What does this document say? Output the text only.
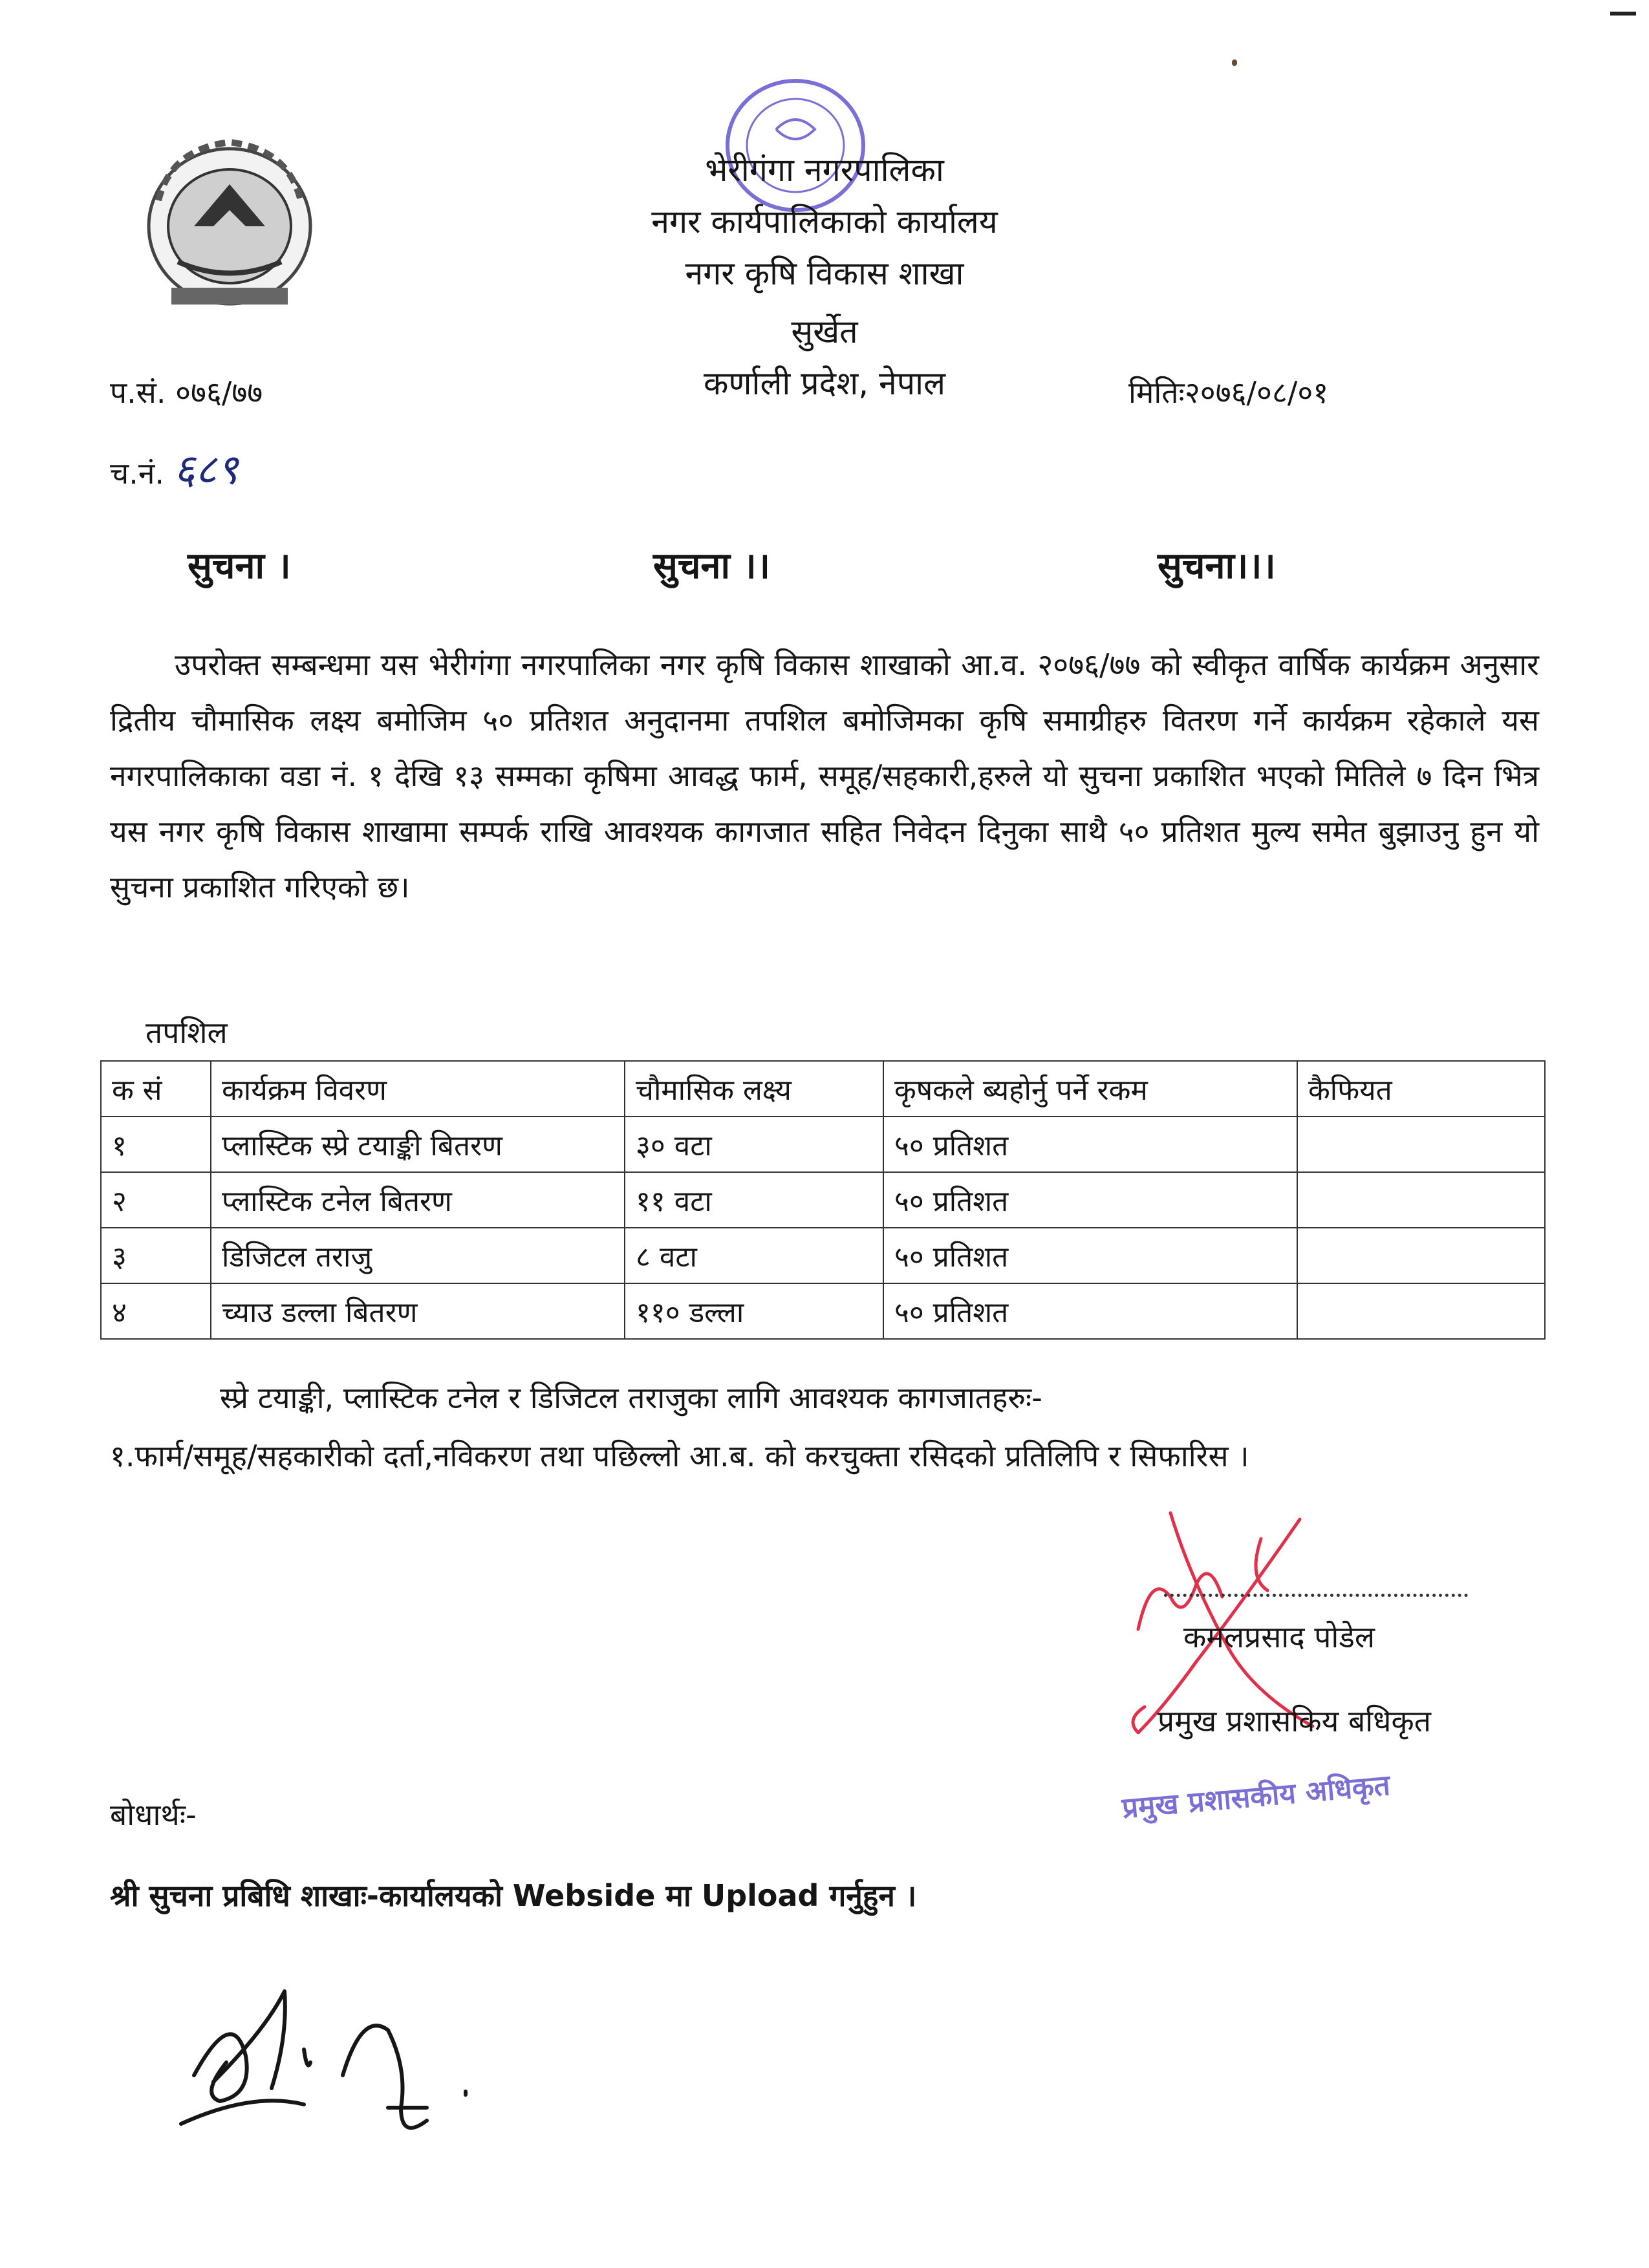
भेरीगंगा नगरपालिका
नगर कार्यपालिकाको कार्यालय
नगर कृषि विकास शाखा
सुर्खेत
कर्णाली प्रदेश, नेपाल
प.सं. ०७६/७७
च.नं. ६८९
मितिः२०७६/०८/०१
सुचना ।	सुचना ।।	सुचना।।।
उपरोक्त सम्बन्धमा यस भेरीगंगा नगरपालिका नगर कृषि विकास शाखाको आ.व. २०७६/७७ को स्वीकृत वार्षिक कार्यक्रम अनुसार द्रितीय चौमासिक लक्ष्य बमोजिम ५० प्रतिशत अनुदानमा तपशिल बमोजिमका कृषि समाग्रीहरु वितरण गर्ने कार्यक्रम रहेकाले यस नगरपालिकाका वडा नं. १ देखि १३ सम्मका कृषिमा आवद्ध फार्म, समूह/सहकारी,हरुले यो सुचना प्रकाशित भएको मितिले ७ दिन भित्र यस नगर कृषि विकास शाखामा सम्पर्क राखि आवश्यक कागजात सहित निवेदन दिनुका साथै ५० प्रतिशत मुल्य समेत बुझाउनु हुन यो सुचना प्रकाशित गरिएको छ।
तपशिल
क सं	कार्यक्रम विवरण	चौमासिक लक्ष्य	कृषकले ब्यहोर्नु पर्ने रकम	कैफियत
१	प्लास्टिक स्प्रे टयाङ्की बितरण	३० वटा	५० प्रतिशत	
२	प्लास्टिक टनेल बितरण	११ वटा	५० प्रतिशत	
३	डिजिटल तराजु	८ वटा	५० प्रतिशत	
४	च्याउ डल्ला बितरण	११० डल्ला	५० प्रतिशत	
स्प्रे टयाङ्की, प्लास्टिक टनेल र डिजिटल तराजुका लागि आवश्यक कागजातहरुः-
१.फार्म/समूह/सहकारीको दर्ता,नविकरण तथा पछिल्लो आ.ब. को करचुक्ता रसिदको प्रतिलिपि र सिफारिस ।
कमलप्रसाद पोडेल
प्रमुख प्रशासकिय बधिकृत
प्रमुख प्रशासकीय अधिकृत
बोधार्थः-
श्री सुचना प्रबिधि शाखाः-कार्यालयको Webside मा Upload गर्नुहुन ।
